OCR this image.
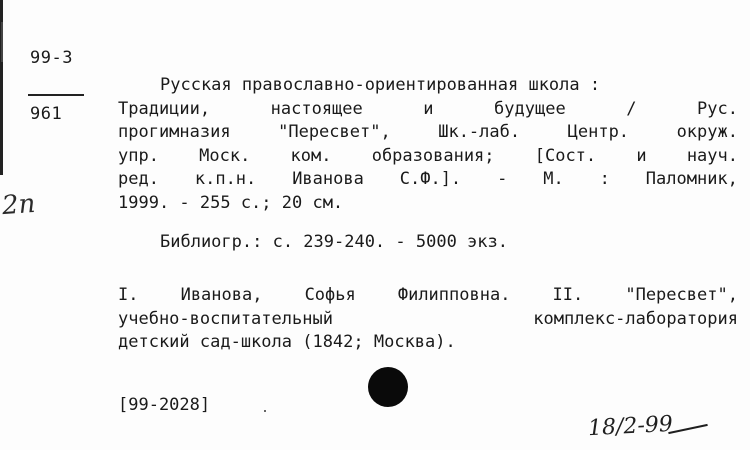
99-3
961
2n
Русская православно-ориентированная школа :
Традиции,	настоящее	и	будущее	/	Рус.
прогимназия	"Пересвет",	Шк.-лаб.	Центр.	окруж.
упр. Моск. ком. образования; [Сост. и науч.
ред. к.п.н. Иванова С.Ф.]. - М. : Паломник,
1999. - 255 с.; 20 см.
Библиогр.: с. 239-240. - 5000 экз.
I. Иванова, Софья Филипповна. II. "Пересвет",
учебно-воспитательный	комплекс-лаборатория
детский сад-школа (1842; Москва).
[99-2028]
18/2-99
